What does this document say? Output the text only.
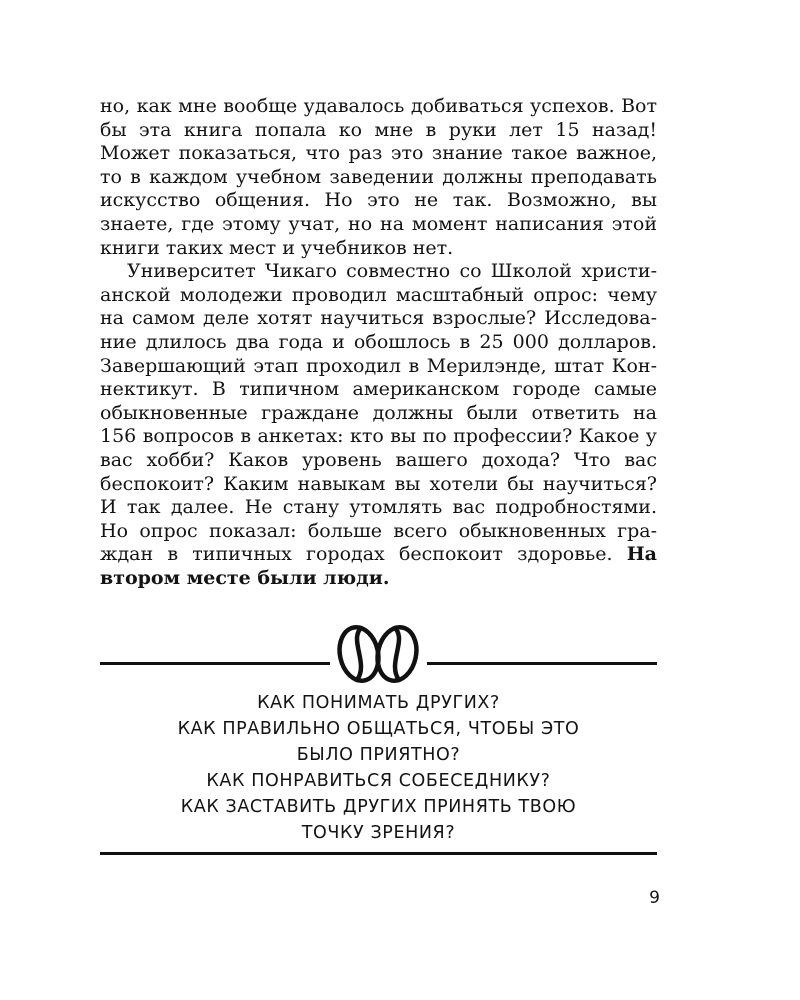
но, как мне вообще удавалось добиваться успехов. Вот бы эта книга попала ко мне в руки лет 15 назад! Может показаться, что раз это знание такое важное, то в каждом учебном заведении должны преподавать искусство общения. Но это не так. Возможно, вы знаете, где этому учат, но на момент написания этой книги таких мест и учебников нет.

Университет Чикаго совместно со Школой христианской молодежи проводил масштабный опрос: чему на самом деле хотят научиться взрослые? Исследование длилось два года и обошлось в 25 000 долларов. Завершающий этап проходил в Мерилэнде, штат Коннектикут. В типичном американском городе самые обыкновенные граждане должны были ответить на 156 вопросов в анкетах: кто вы по профессии? Какое у вас хобби? Каков уровень вашего дохода? Что вас беспокоит? Каким навыкам вы хотели бы научиться? И так далее. Не стану утомлять вас подробностями. Но опрос показал: больше всего обыкновенных граждан в типичных городах беспокоит здоровье. На втором месте были люди.

КАК ПОНИМАТЬ ДРУГИХ?
КАК ПРАВИЛЬНО ОБЩАТЬСЯ, ЧТОБЫ ЭТО
БЫЛО ПРИЯТНО?
КАК ПОНРАВИТЬСЯ СОБЕСЕДНИКУ?
КАК ЗАСТАВИТЬ ДРУГИХ ПРИНЯТЬ ТВОЮ
ТОЧКУ ЗРЕНИЯ?
9
